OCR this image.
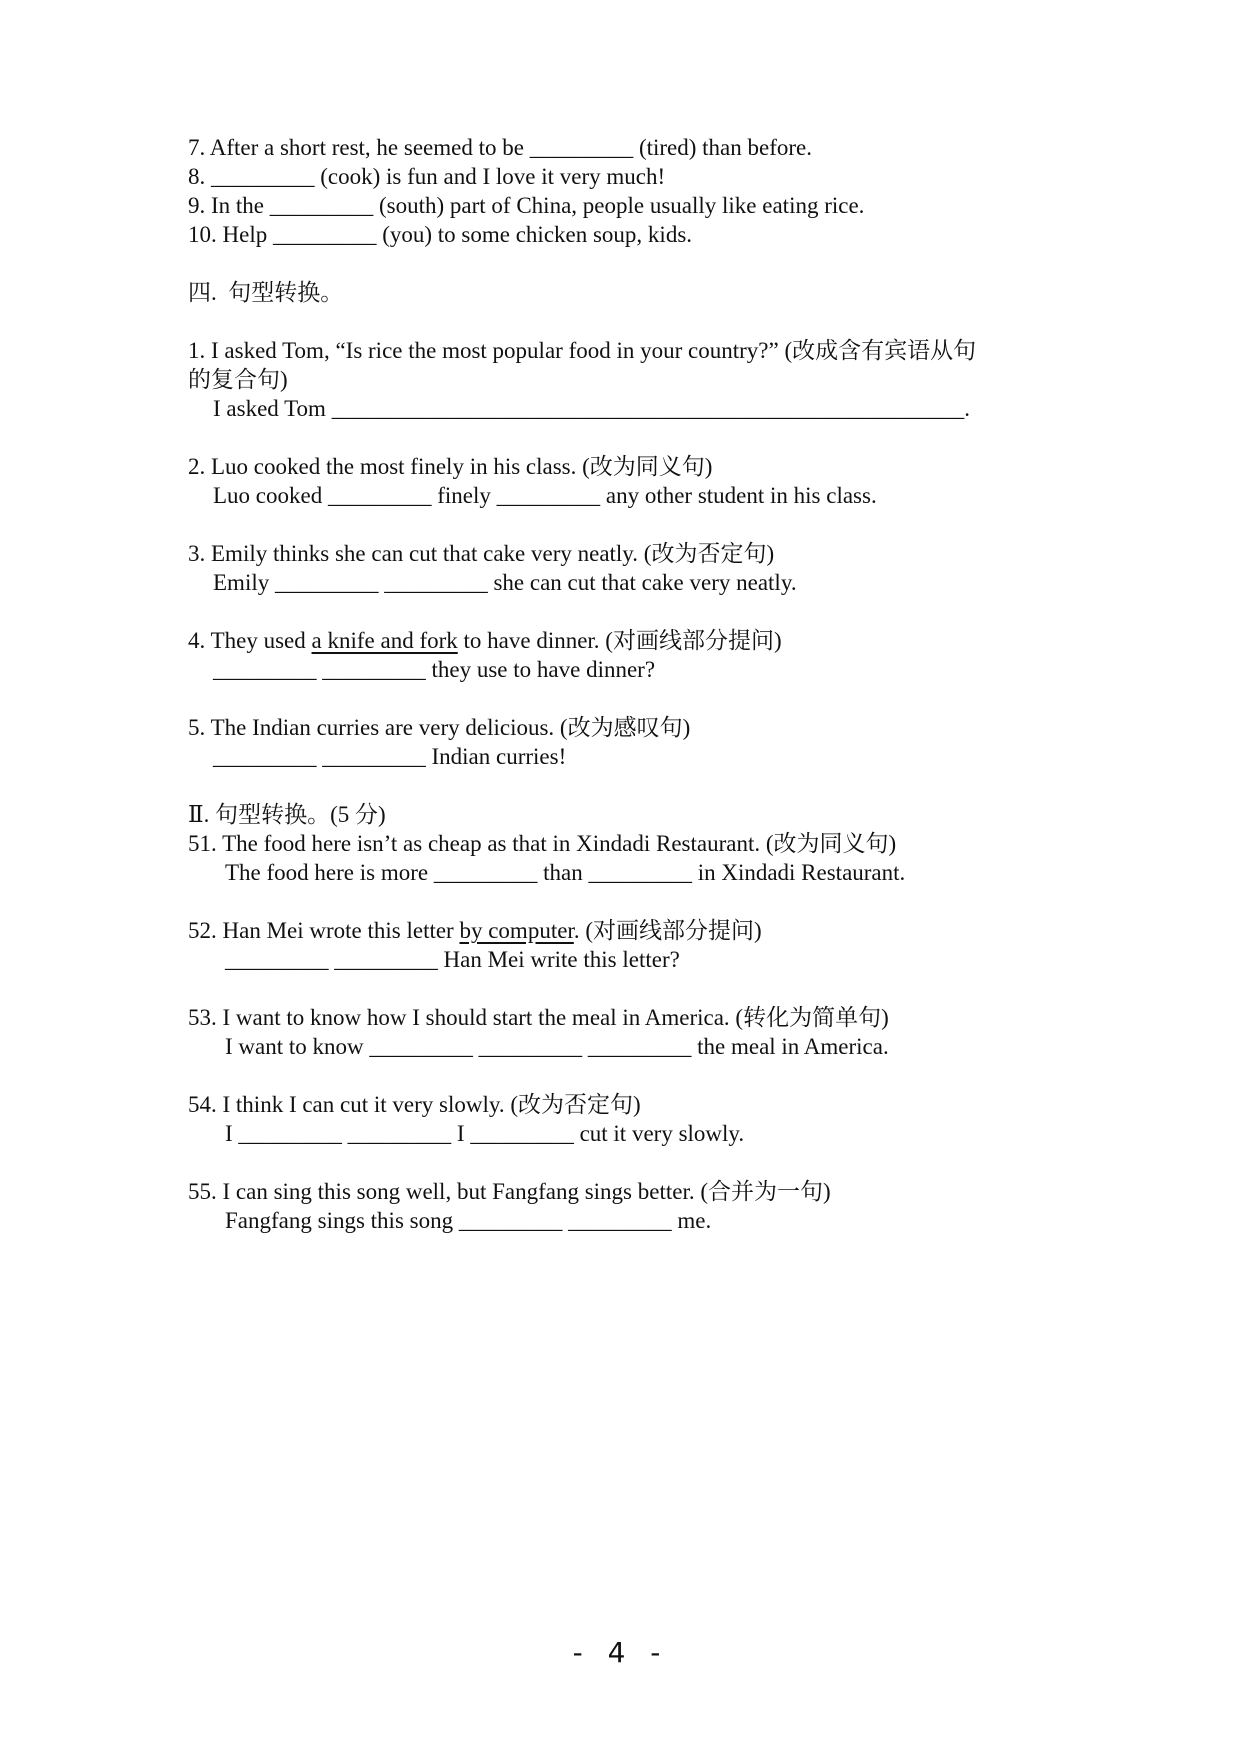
7. After a short rest, he seemed to be _________ (tired) than before.
8. _________ (cook) is fun and I love it very much!
9. In the _________ (south) part of China, people usually like eating rice.
10. Help _________ (you) to some chicken soup, kids.
四.  句型转换。
1. I asked Tom, “Is rice the most popular food in your country?” (改成含有宾语从句
的复合句)
I asked Tom _______________________________________________________.
2. Luo cooked the most finely in his class. (改为同义句)
Luo cooked _________ finely _________ any other student in his class.
3. Emily thinks she can cut that cake very neatly. (改为否定句)
Emily _________ _________ she can cut that cake very neatly.
4. They used a knife and fork to have dinner. (对画线部分提问)
_________ _________ they use to have dinner?
5. The Indian curries are very delicious. (改为感叹句)
_________ _________ Indian curries!
Ⅱ. 句型转换。(5 分)
51. The food here isn’t as cheap as that in Xindadi Restaurant. (改为同义句)
The food here is more _________ than _________ in Xindadi Restaurant.
52. Han Mei wrote this letter by computer. (对画线部分提问)
_________ _________ Han Mei write this letter?
53. I want to know how I should start the meal in America. (转化为简单句)
I want to know _________ _________ _________ the meal in America.
54. I think I can cut it very slowly. (改为否定句)
I _________ _________ I _________ cut it very slowly.
55. I can sing this song well, but Fangfang sings better. (合并为一句)
Fangfang sings this song _________ _________ me.
- 4 -
